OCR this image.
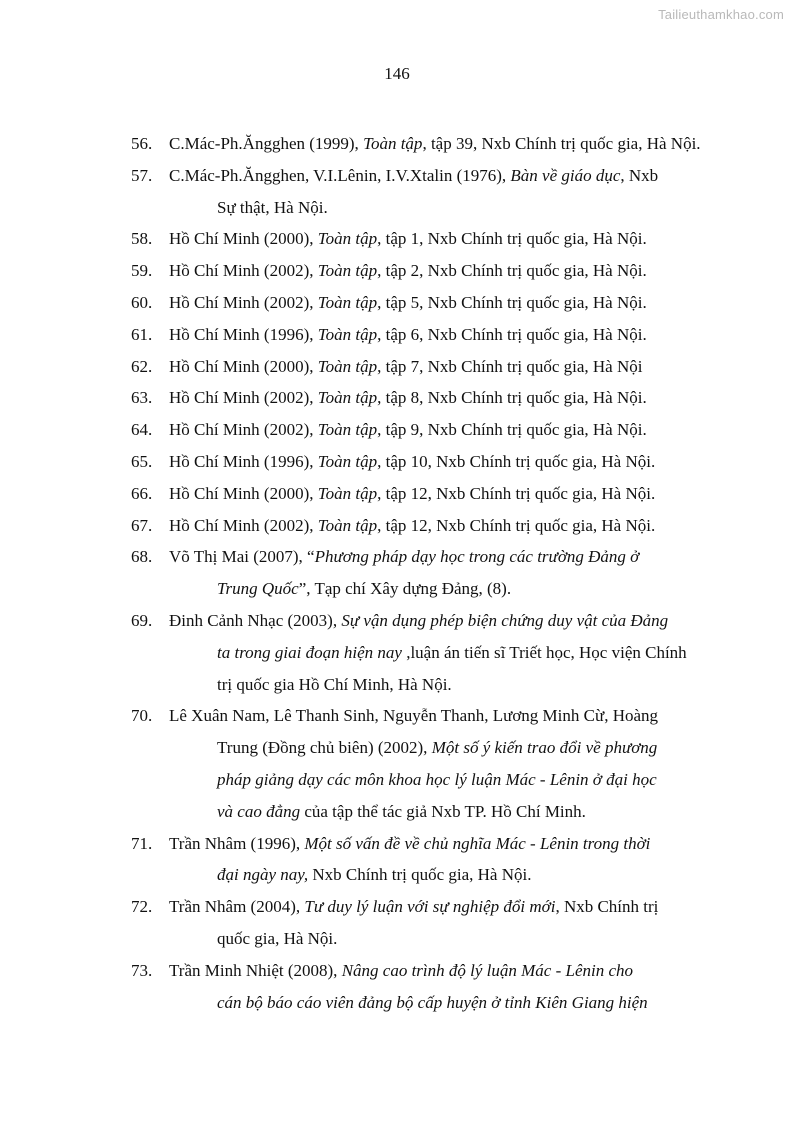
Tailieuthamkhao.com
146
56.C.Mác-Ph.Ăngghen (1999), Toàn tập, tập 39, Nxb Chính trị quốc gia, Hà Nội.
57.C.Mác-Ph.Ăngghen, V.I.Lênin, I.V.Xtalin (1976), Bàn về giáo dục, Nxb
Sự thật, Hà Nội.
58.Hồ Chí Minh (2000), Toàn tập, tập 1, Nxb Chính trị quốc gia, Hà Nội.
59.Hồ Chí Minh (2002), Toàn tập, tập 2, Nxb Chính trị quốc gia, Hà Nội.
60.Hồ Chí Minh (2002), Toàn tập, tập 5, Nxb Chính trị quốc gia, Hà Nội.
61.Hồ Chí Minh (1996), Toàn tập, tập 6, Nxb Chính trị quốc gia, Hà Nội.
62.Hồ Chí Minh (2000), Toàn tập, tập 7, Nxb Chính trị quốc gia, Hà Nội
63.Hồ Chí Minh (2002), Toàn tập, tập 8, Nxb Chính trị quốc gia, Hà Nội.
64.Hồ Chí Minh (2002), Toàn tập, tập 9, Nxb Chính trị quốc gia, Hà Nội.
65.Hồ Chí Minh (1996), Toàn tập, tập 10, Nxb Chính trị quốc gia, Hà Nội.
66.Hồ Chí Minh (2000), Toàn tập, tập 12, Nxb Chính trị quốc gia, Hà Nội.
67.Hồ Chí Minh (2002), Toàn tập, tập 12, Nxb Chính trị quốc gia, Hà Nội.
68.Võ Thị Mai (2007), “Phương pháp dạy học trong các trường Đảng ở
Trung Quốc”, Tạp chí Xây dựng Đảng, (8).
69.Đinh Cảnh Nhạc (2003), Sự vận dụng phép biện chứng duy vật của Đảng
ta trong giai đoạn hiện nay ,luận án tiến sĩ Triết học, Học viện Chính
trị quốc gia Hồ Chí Minh, Hà Nội.
70.Lê Xuân Nam, Lê Thanh Sinh, Nguyễn Thanh, Lương Minh Cừ, Hoàng
Trung (Đồng chủ biên) (2002), Một số ý kiến trao đổi về phương
pháp giảng dạy các môn khoa học lý luận Mác - Lênin ở đại học
và cao đẳng của tập thể tác giả Nxb TP. Hồ Chí Minh.
71.Trần Nhâm (1996), Một số vấn đề về chủ nghĩa Mác - Lênin trong thời
đại ngày nay, Nxb Chính trị quốc gia, Hà Nội.
72.Trần Nhâm (2004), Tư duy lý luận với sự nghiệp đổi mới, Nxb Chính trị
quốc gia, Hà Nội.
73.Trần Minh Nhiệt (2008), Nâng cao trình độ lý luận Mác - Lênin cho
cán bộ báo cáo viên đảng bộ cấp huyện ở tỉnh Kiên Giang hiện
